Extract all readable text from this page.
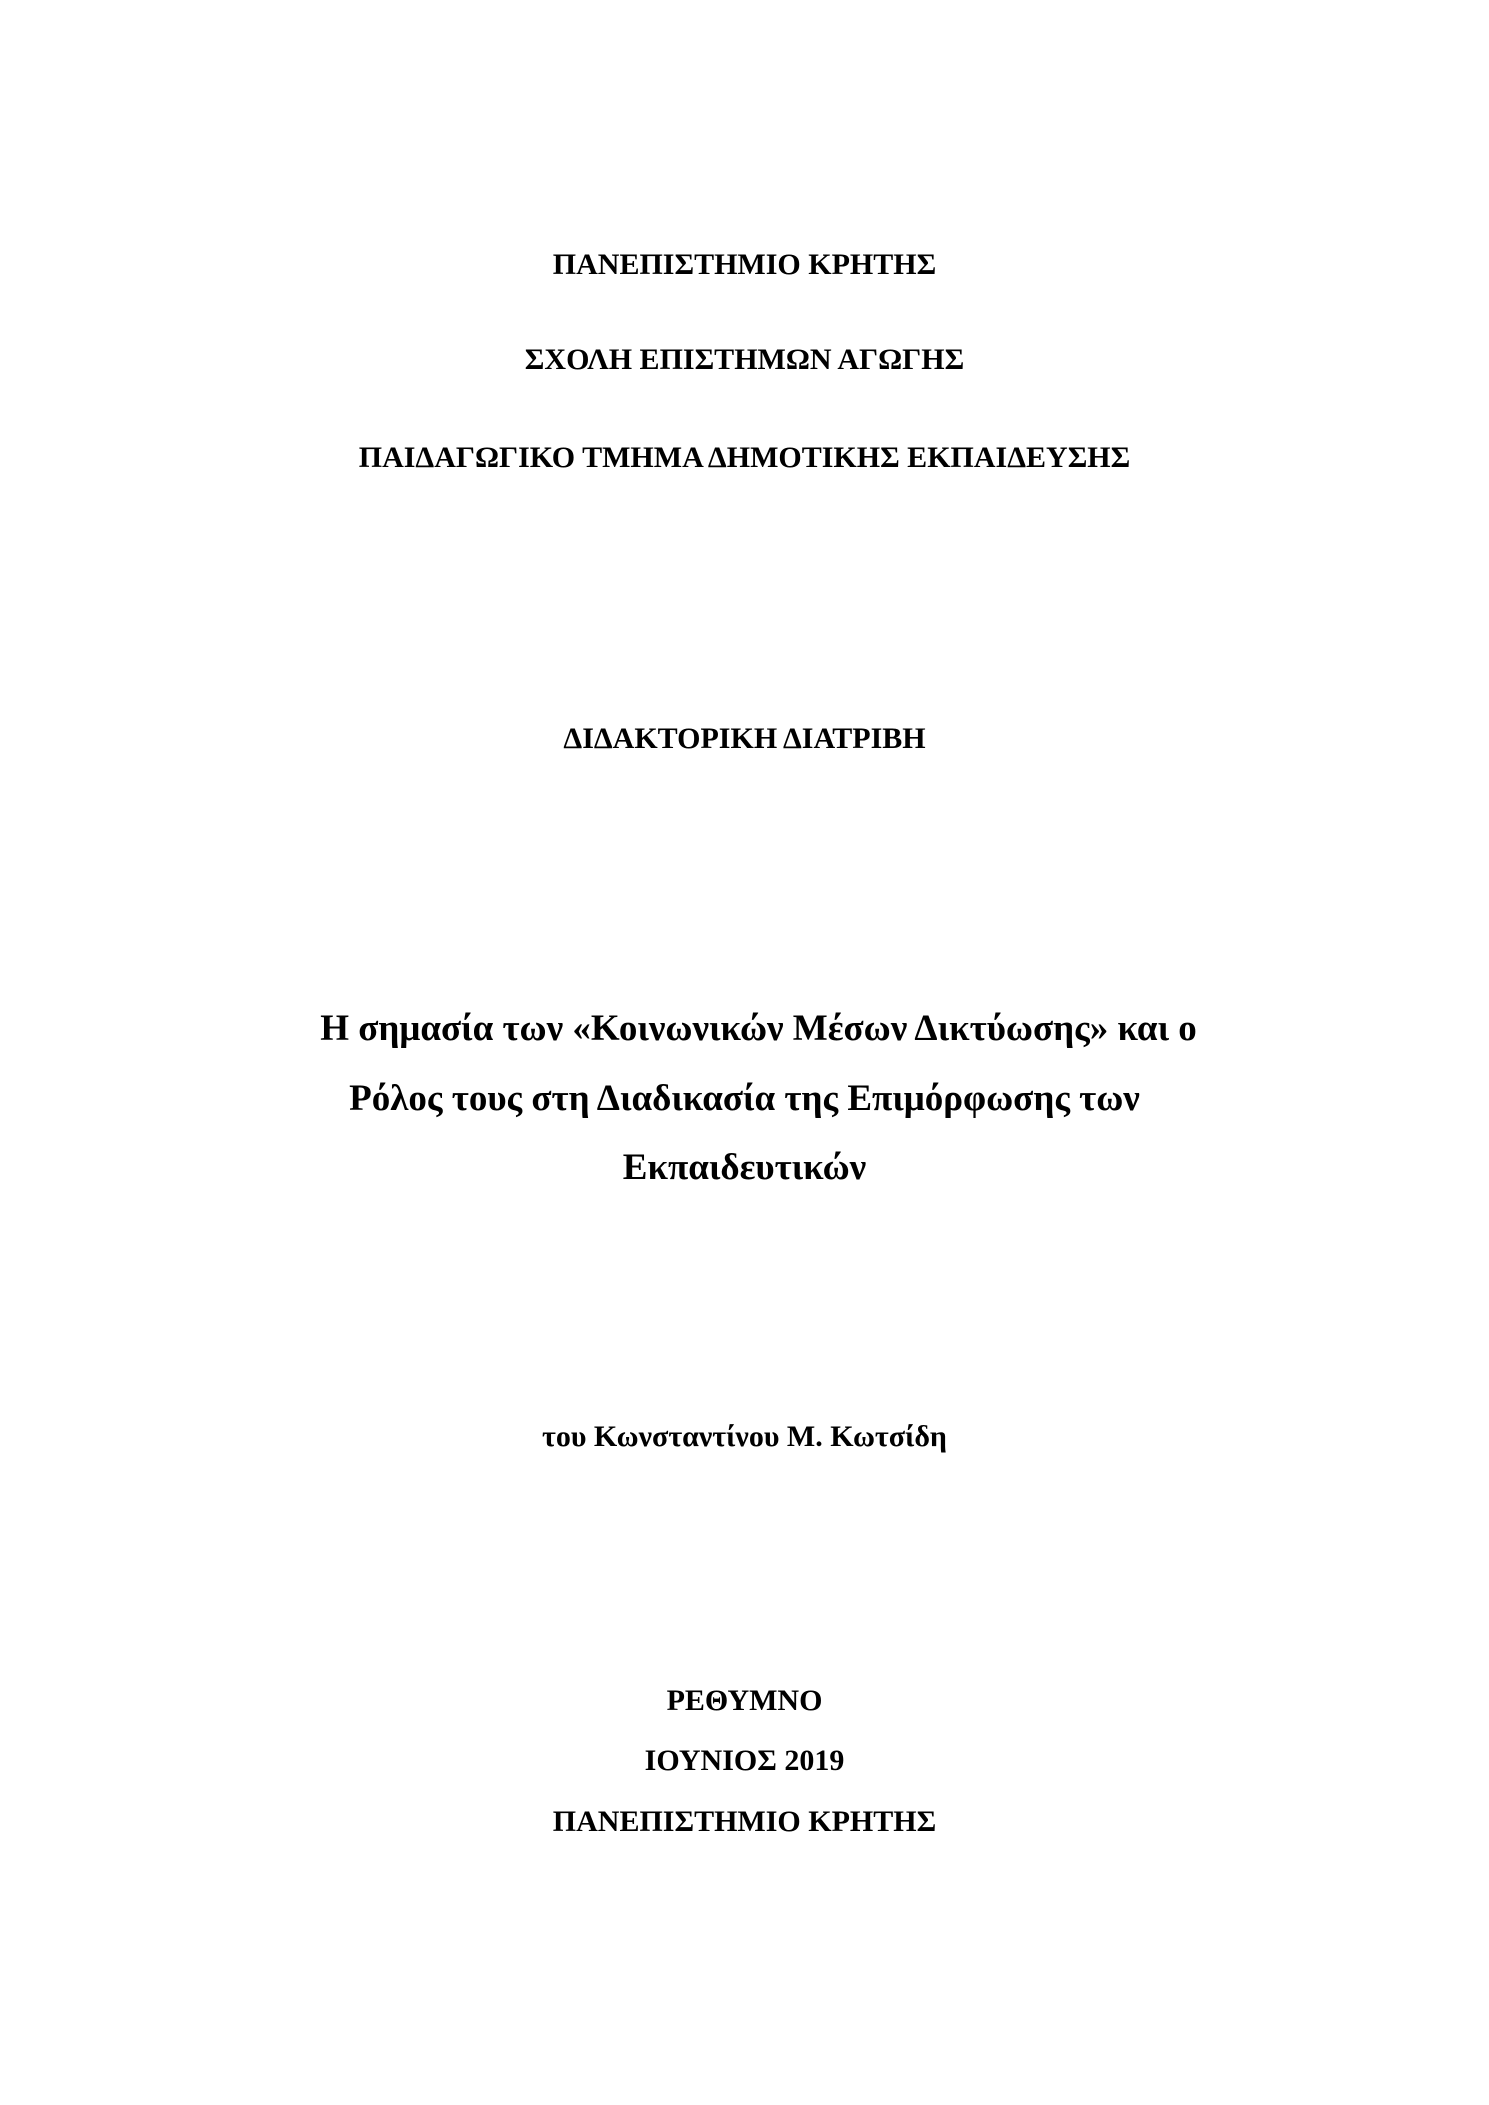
ΠΑΝΕΠΙΣΤΗΜΙΟ ΚΡΗΤΗΣ

ΣΧΟΛΗ ΕΠΙΣΤΗΜΩΝ ΑΓΩΓΗΣ

ΠΑΙΔΑΓΩΓΙΚΟ ΤΜΗΜΑ ΔΗΜΟΤΙΚΗΣ ΕΚΠΑΙΔΕΥΣΗΣ

ΔΙΔΑΚΤΟΡΙΚΗ ΔΙΑΤΡΙΒΗ

Η σημασία των «Κοινωνικών Μέσων Δικτύωσης» και ο

Ρόλος τους στη Διαδικασία της Επιμόρφωσης των

Εκπαιδευτικών

του Κωνσταντίνου Μ. Κωτσίδη

ΡΕΘΥΜΝΟ

ΙΟΥΝΙΟΣ 2019

ΠΑΝΕΠΙΣΤΗΜΙΟ ΚΡΗΤΗΣ
